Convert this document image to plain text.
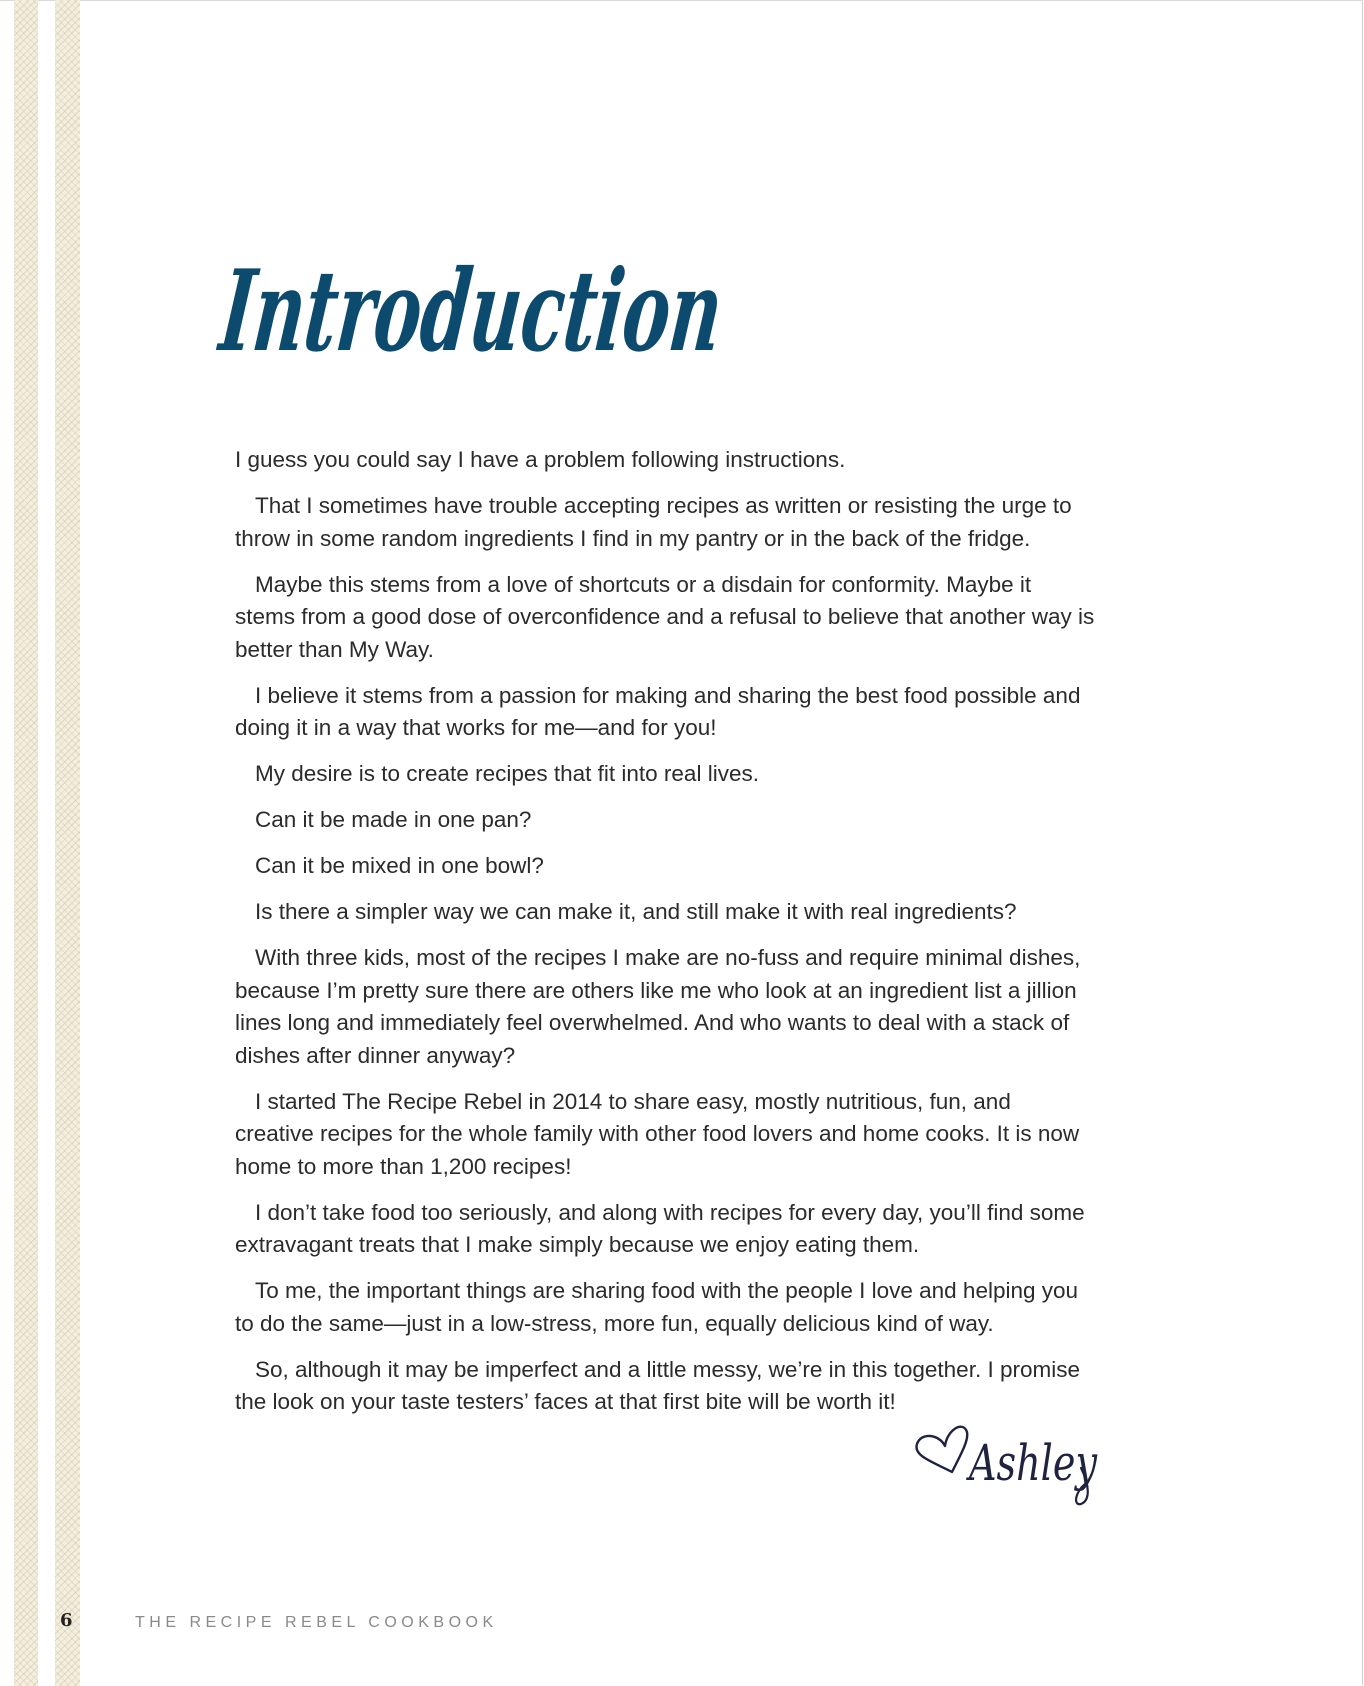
Introduction

I guess you could say I have a problem following instructions.

That I sometimes have trouble accepting recipes as written or resisting the urge to throw in some random ingredients I find in my pantry or in the back of the fridge.

Maybe this stems from a love of shortcuts or a disdain for conformity. Maybe it stems from a good dose of overconfidence and a refusal to believe that another way is better than My Way.

I believe it stems from a passion for making and sharing the best food possible and doing it in a way that works for me—and for you!

My desire is to create recipes that fit into real lives.

Can it be made in one pan?

Can it be mixed in one bowl?

Is there a simpler way we can make it, and still make it with real ingredients?

With three kids, most of the recipes I make are no-fuss and require minimal dishes, because I’m pretty sure there are others like me who look at an ingredient list a jillion lines long and immediately feel overwhelmed. And who wants to deal with a stack of dishes after dinner anyway?

I started The Recipe Rebel in 2014 to share easy, mostly nutritious, fun, and creative recipes for the whole family with other food lovers and home cooks. It is now home to more than 1,200 recipes!

I don’t take food too seriously, and along with recipes for every day, you’ll find some extravagant treats that I make simply because we enjoy eating them.

To me, the important things are sharing food with the people I love and helping you to do the same—just in a low-stress, more fun, equally delicious kind of way.

So, although it may be imperfect and a little messy, we’re in this together. I promise the look on your taste testers’ faces at that first bite will be worth it!

Ashley
6	THE RECIPE REBEL COOKBOOK
